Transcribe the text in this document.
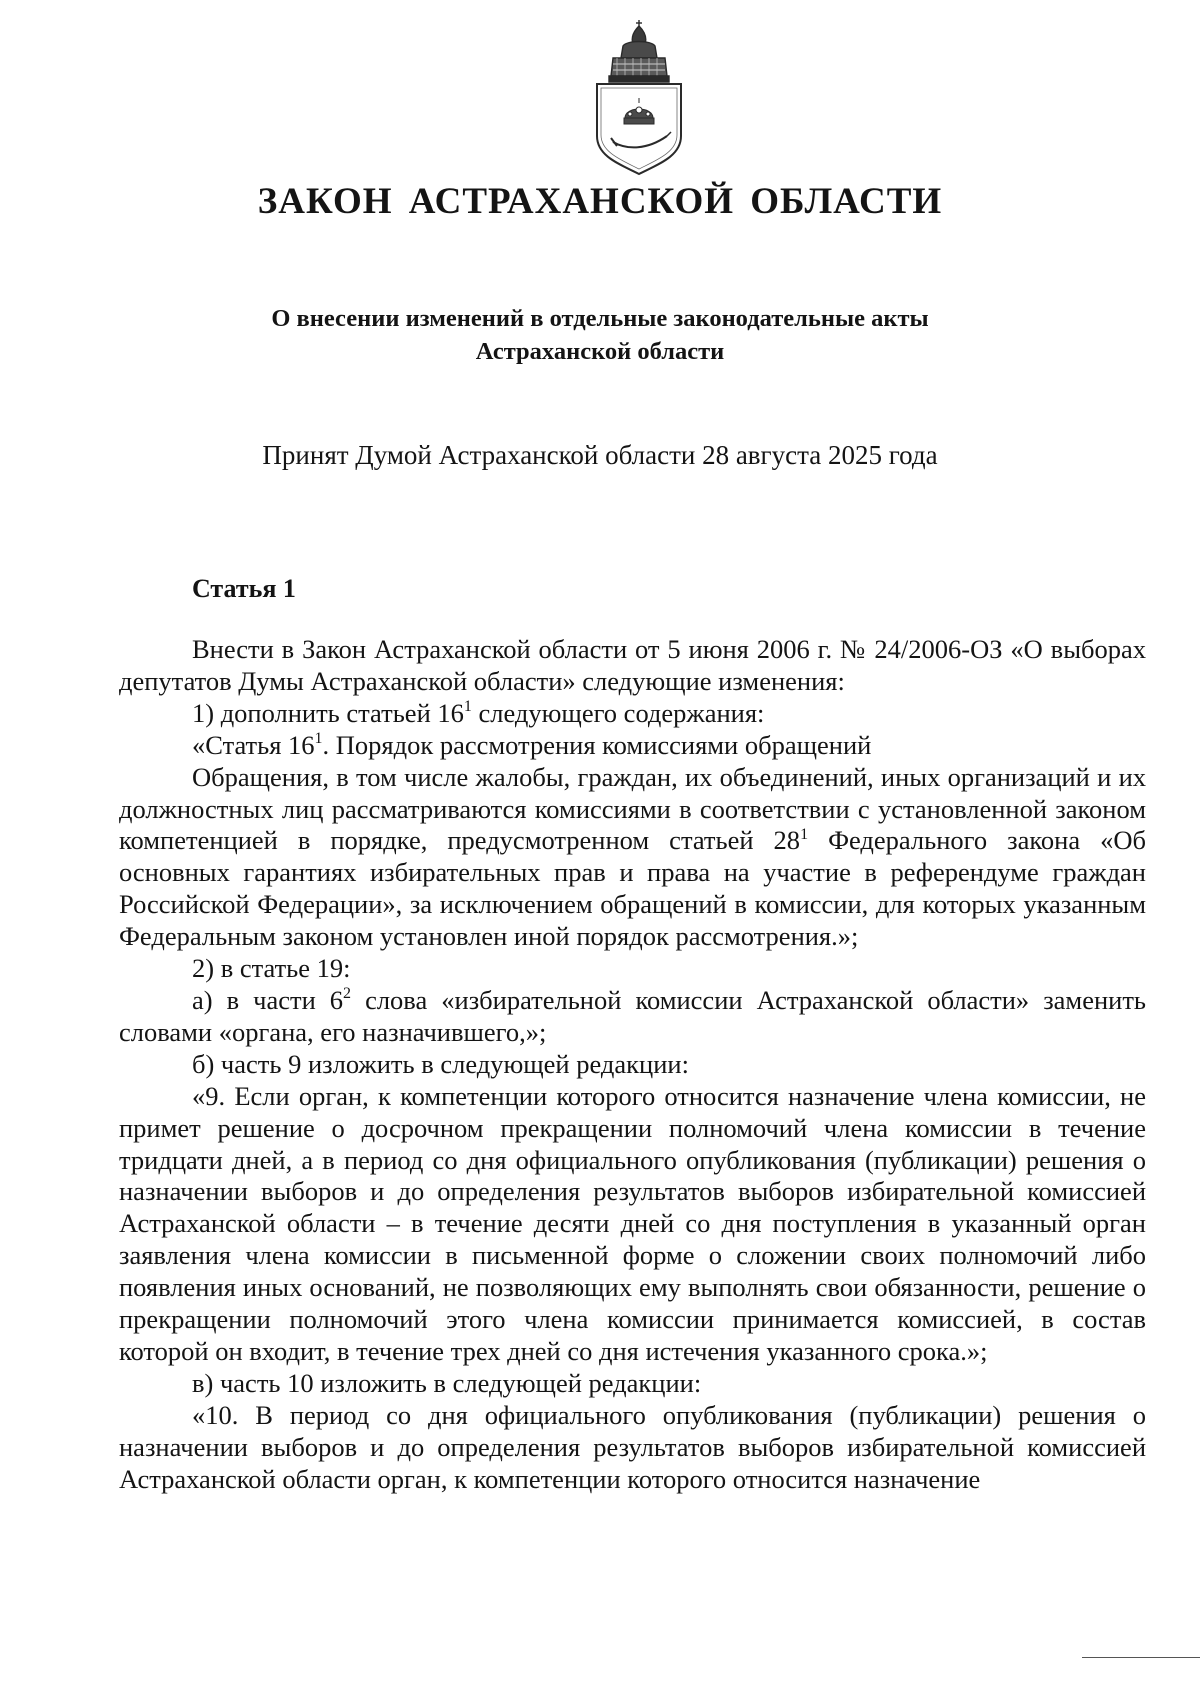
ЗАКОН АСТРАХАНСКОЙ ОБЛАСТИ
О внесении изменений в отдельные законодательные акты
Астраханской области
Принят Думой Астраханской области 28 августа 2025 года
Статья 1

Внести в Закон Астраханской области от 5 июня 2006 г. № 24/2006-ОЗ «О выборах депутатов Думы Астраханской области» следующие изменения:

1) дополнить статьей $16^1$ следующего содержания:

«Статья $16^1$. Порядок рассмотрения комиссиями обращений

Обращения, в том числе жалобы, граждан, их объединений, иных организаций и их должностных лиц рассматриваются комиссиями в соответствии с установленной законом компетенцией в порядке, предусмотренном статьей $28^1$ Федерального закона «Об основных гарантиях избирательных прав и права на участие в референдуме граждан Российской Федерации», за исключением обращений в комиссии, для которых указанным Федеральным законом установлен иной порядок рассмотрения.»;

2) в статье 19:

а) в части $6^2$ слова «избирательной комиссии Астраханской области» заменить словами «органа, его назначившего,»;

б) часть 9 изложить в следующей редакции:

«9. Если орган, к компетенции которого относится назначение члена комиссии, не примет решение о досрочном прекращении полномочий члена комиссии в течение тридцати дней, а в период со дня официального опубликования (публикации) решения о назначении выборов и до определения результатов выборов избирательной комиссией Астраханской области – в течение десяти дней со дня поступления в указанный орган заявления члена комиссии в письменной форме о сложении своих полномочий либо появления иных оснований, не позволяющих ему выполнять свои обязанности, решение о прекращении полномочий этого члена комиссии принимается комиссией, в состав которой он входит, в течение трех дней со дня истечения указанного срока.»;

в) часть 10 изложить в следующей редакции:

«10. В период со дня официального опубликования (публикации) решения о назначении выборов и до определения результатов выборов избирательной комиссией Астраханской области орган, к компетенции которого относится назначение
